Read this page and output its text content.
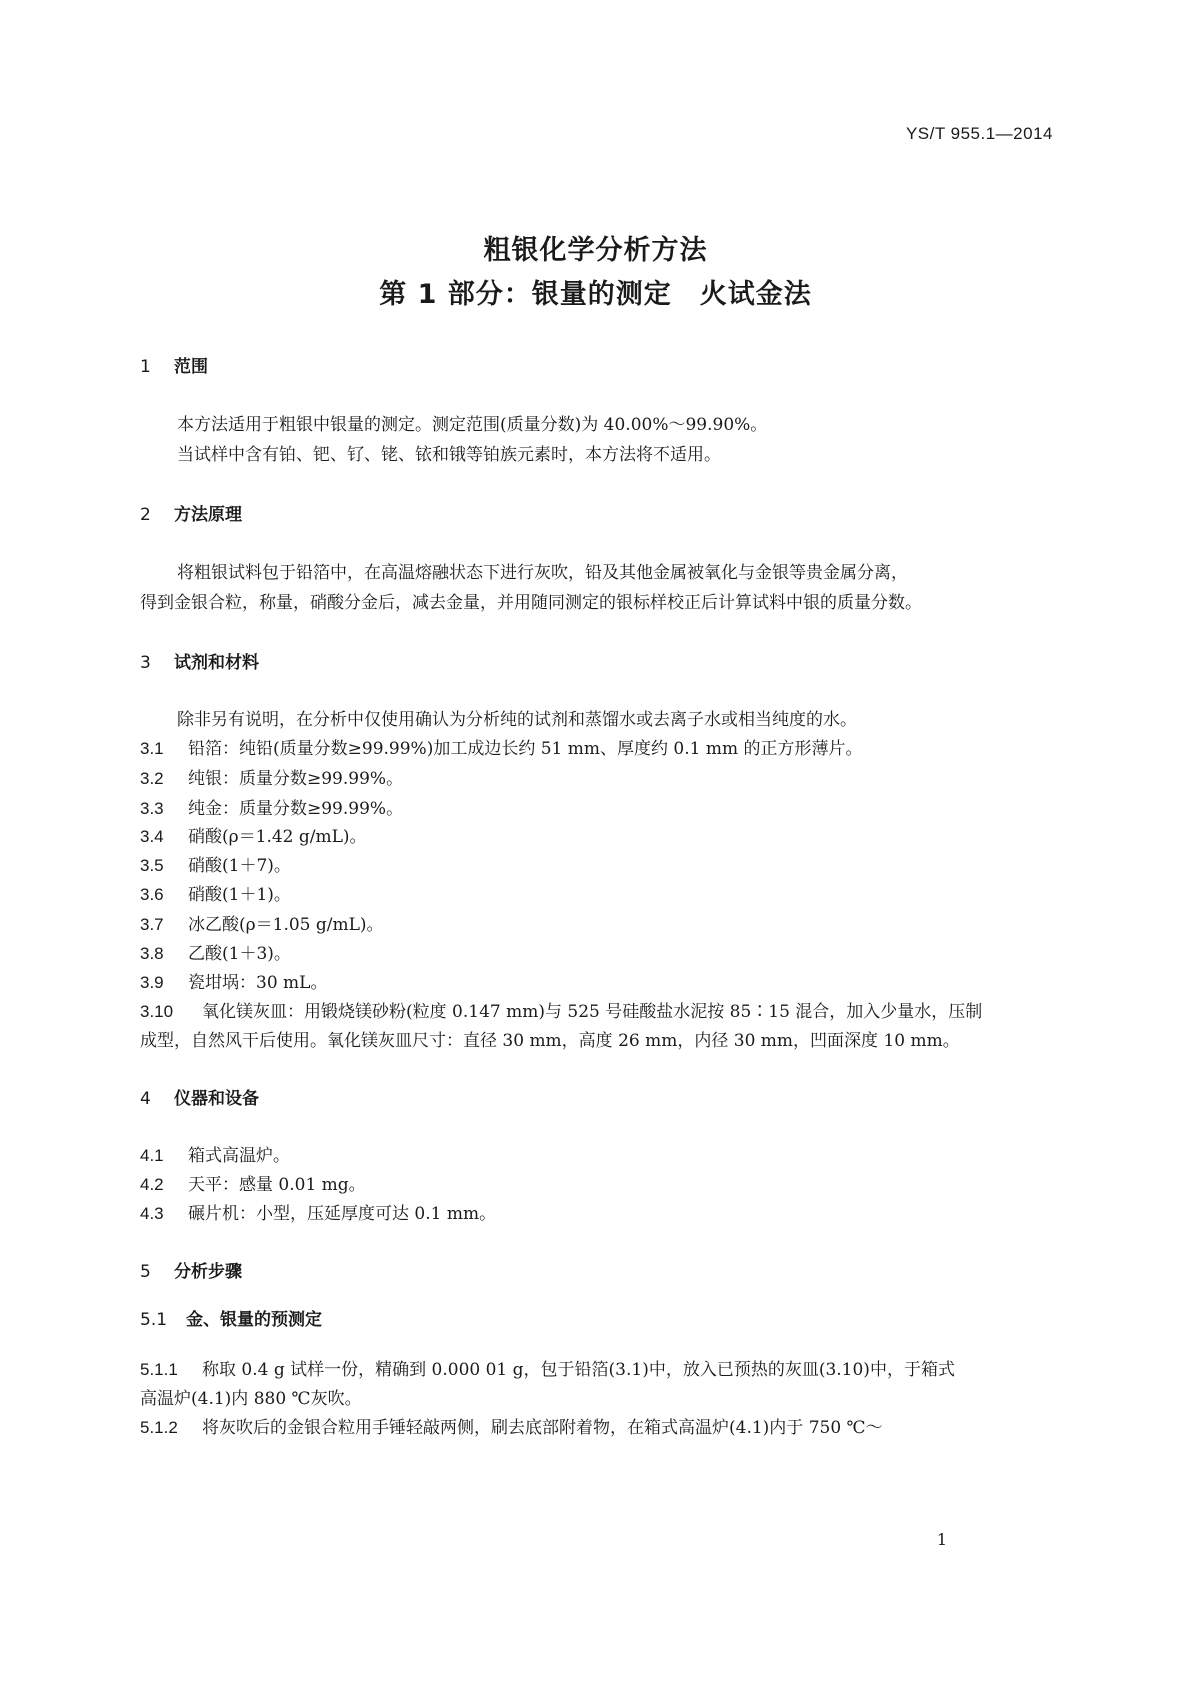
YS/T 955.1—2014
粗银化学分析方法
第 1 部分：银量的测定　火试金法
1 范围
本方法适用于粗银中银量的测定。测定范围(质量分数)为 40.00%～99.90%。
当试样中含有铂、钯、钌、铑、铱和锇等铂族元素时，本方法将不适用。
2 方法原理
将粗银试料包于铅箔中，在高温熔融状态下进行灰吹，铅及其他金属被氧化与金银等贵金属分离，
得到金银合粒，称量，硝酸分金后，减去金量，并用随同测定的银标样校正后计算试料中银的质量分数。
3 试剂和材料
除非另有说明，在分析中仅使用确认为分析纯的试剂和蒸馏水或去离子水或相当纯度的水。
3.1 铅箔：纯铅(质量分数≥99.99%)加工成边长约 51 mm、厚度约 0.1 mm 的正方形薄片。
3.2 纯银：质量分数≥99.99%。
3.3 纯金：质量分数≥99.99%。
3.4 硝酸(ρ＝1.42 g/mL)。
3.5 硝酸(1＋7)。
3.6 硝酸(1＋1)。
3.7 冰乙酸(ρ＝1.05 g/mL)。
3.8 乙酸(1＋3)。
3.9 瓷坩埚：30 mL。
3.10 氧化镁灰皿：用锻烧镁砂粉(粒度 0.147 mm)与 525 号硅酸盐水泥按 85∶15 混合，加入少量水，压制
成型，自然风干后使用。氧化镁灰皿尺寸：直径 30 mm，高度 26 mm，内径 30 mm，凹面深度 10 mm。
4 仪器和设备
4.1 箱式高温炉。
4.2 天平：感量 0.01 mg。
4.3 碾片机：小型，压延厚度可达 0.1 mm。
5 分析步骤
5.1 金、银量的预测定
5.1.1 称取 0.4 g 试样一份，精确到 0.000 01 g，包于铅箔(3.1)中，放入已预热的灰皿(3.10)中，于箱式
高温炉(4.1)内 880 ℃灰吹。
5.1.2 将灰吹后的金银合粒用手锤轻敲两侧，刷去底部附着物，在箱式高温炉(4.1)内于 750 ℃～
1
